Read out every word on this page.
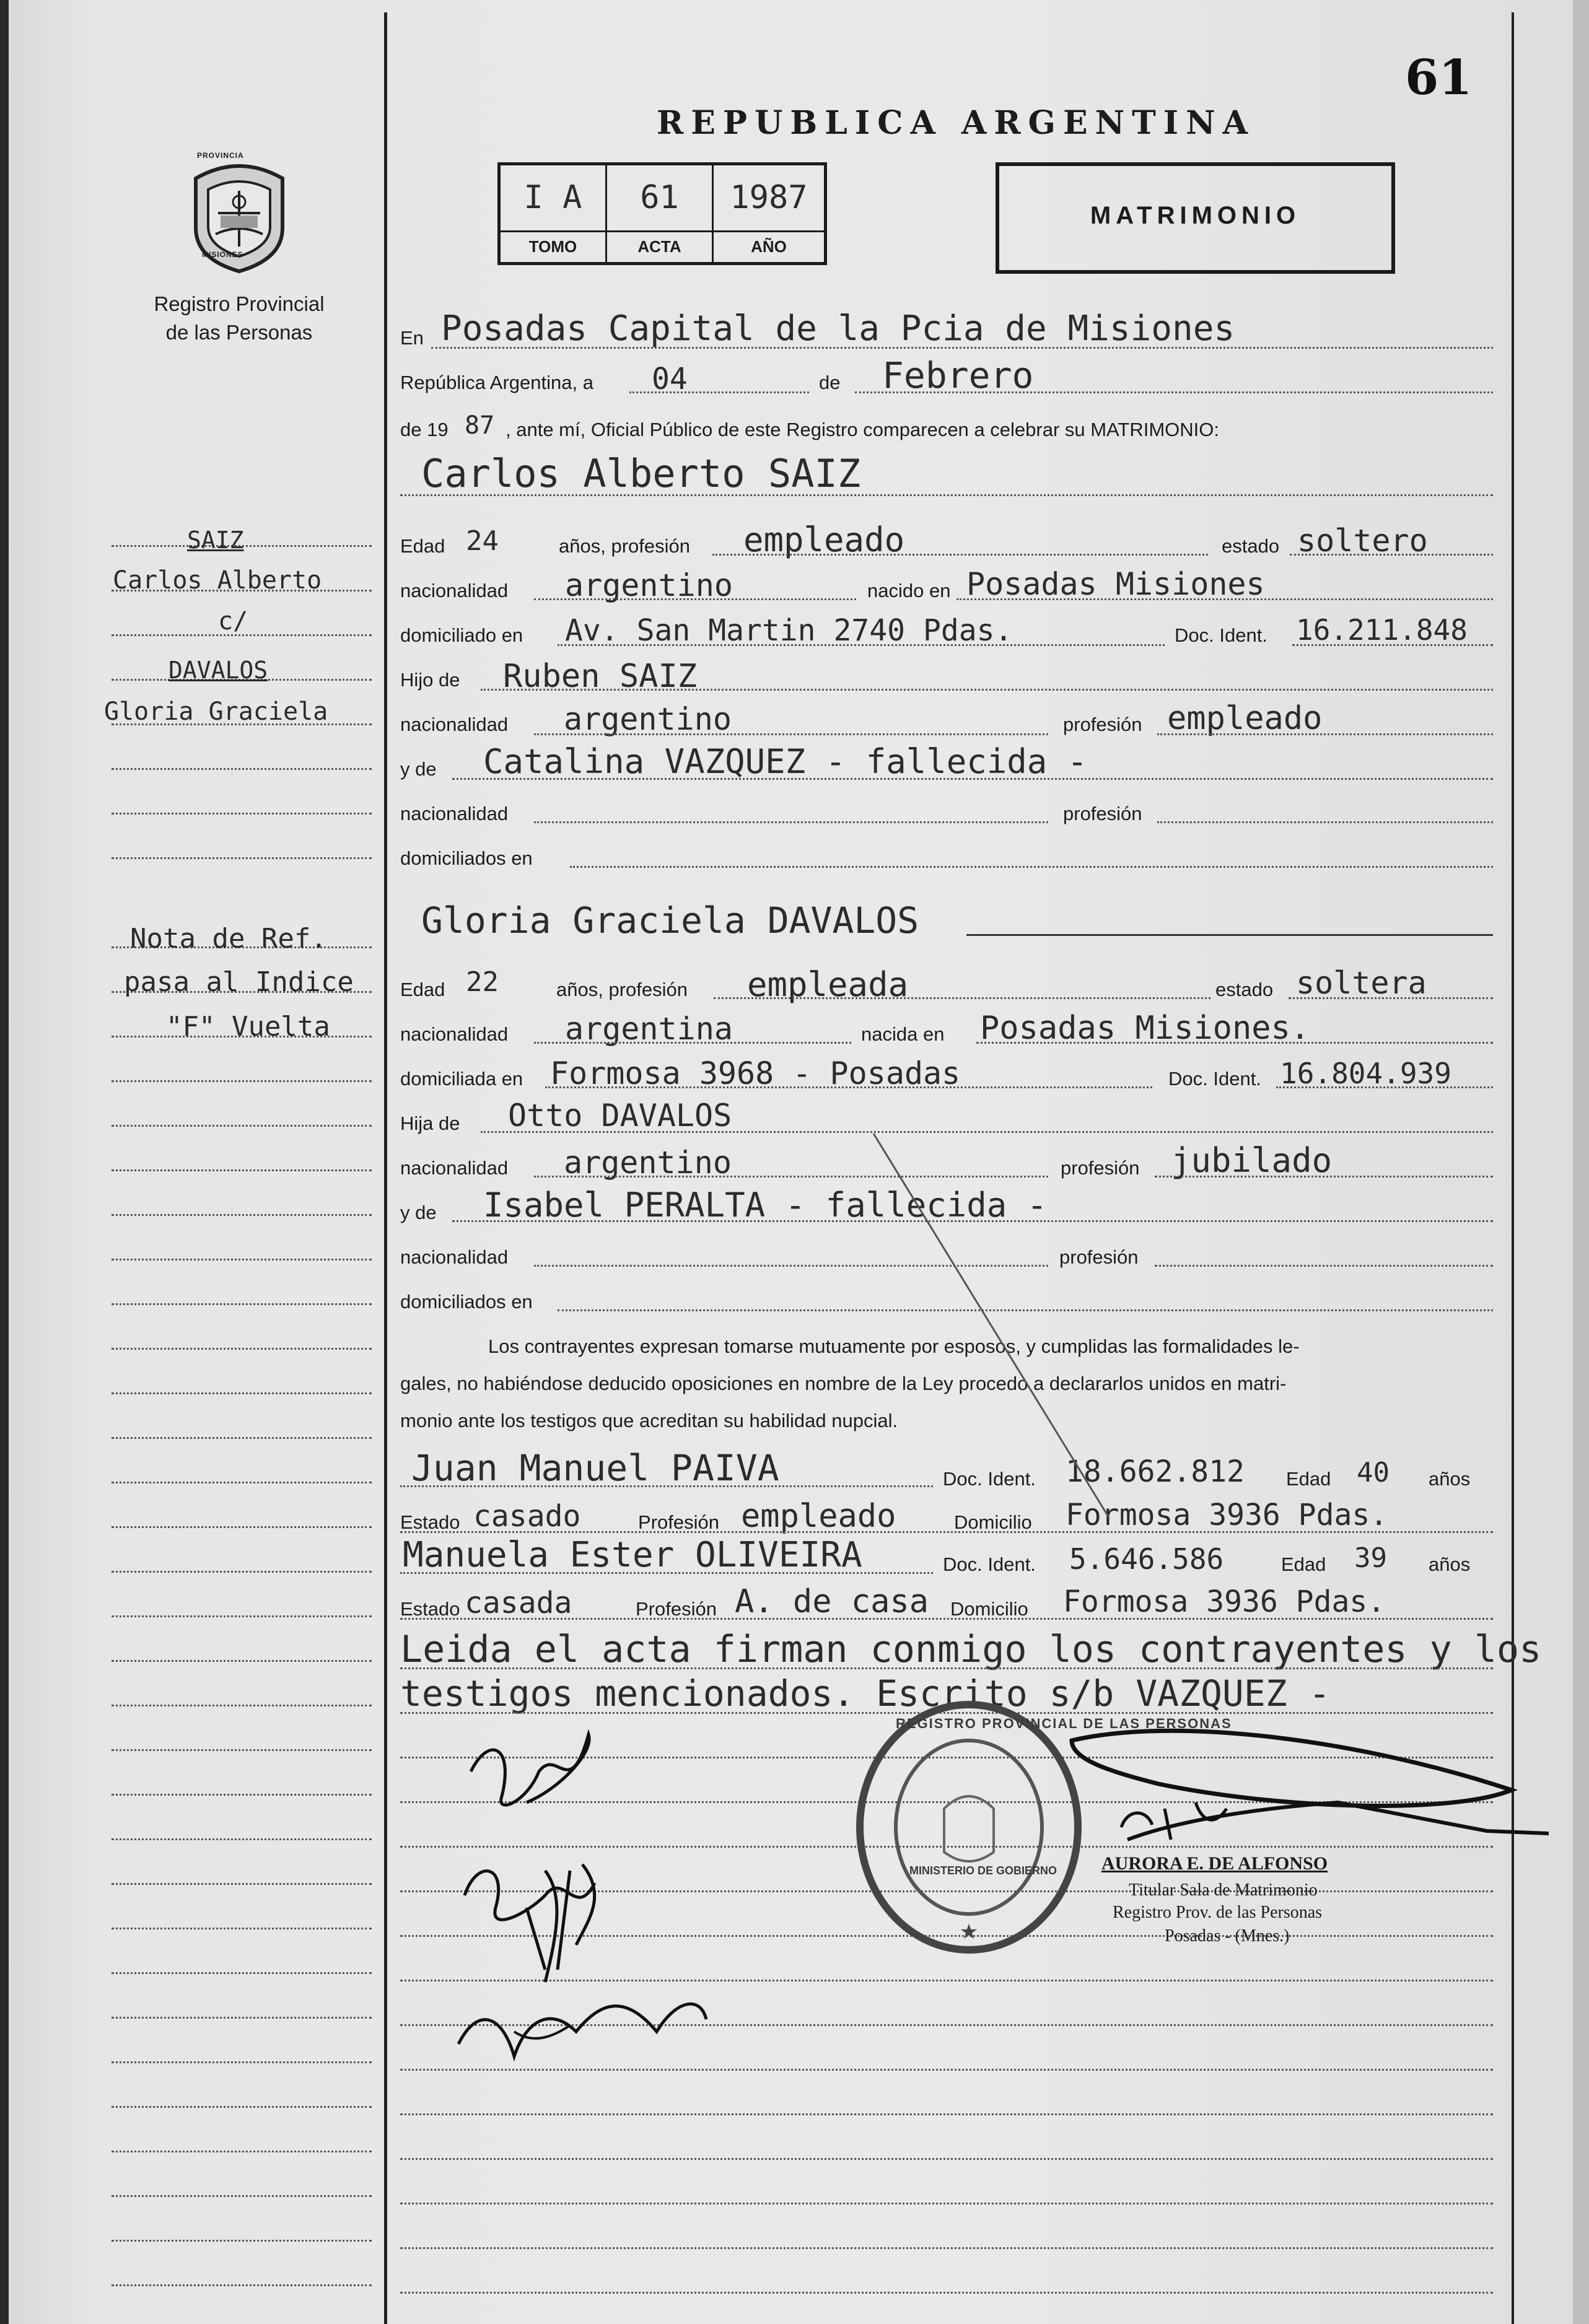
61
REPUBLICA ARGENTINA
PROVINCIA
MISIONES
Registro Provincial
de las Personas
I A
TOMO
61
ACTA
1987
AÑO
MATRIMONIO
SAIZ
Carlos Alberto
c/
DAVALOS
Gloria Graciela
Nota de Ref.
pasa al Indice
"F" Vuelta
En Posadas Capital de la Pcia de Misiones
República Argentina, a 04	de Febrero
de 19 87 , ante mí, Oficial Público de este Registro comparecen a celebrar su MATRIMONIO:
Carlos Alberto SAIZ
Edad 24	años, profesión empleado	estado soltero
nacionalidad argentino	nacido en Posadas Misiones
domiciliado en Av. San Martin 2740 Pdas.	Doc. Ident. 16.211.848
Hijo de Ruben SAIZ
nacionalidad argentino	profesión empleado
y de Catalina VAZQUEZ - fallecida -
nacionalidad	profesión
domiciliados en
Gloria Graciela DAVALOS
Edad 22	años, profesión empleada	estado soltera
nacionalidad argentina	nacida en Posadas Misiones.
domiciliada en Formosa 3968 - Posadas	Doc. Ident. 16.804.939
Hija de Otto DAVALOS
nacionalidad argentino	profesión jubilado
y de Isabel PERALTA - fallecida -
nacionalidad	profesión
domiciliados en
Los contrayentes expresan tomarse mutuamente por esposos, y cumplidas las formalidades le-
gales, no habiéndose deducido oposiciones en nombre de la Ley procedo a declararlos unidos en matri-
monio ante los testigos que acreditan su habilidad nupcial.
Juan Manuel PAIVA	Doc. Ident. 18.662.812 Edad 40 años
Estado casado	Profesión empleado	Domicilio Formosa 3936 Pdas.
Manuela Ester OLIVEIRA	Doc. Ident. 5.646.586	Edad 39 años
Estado casada	Profesión A. de casa Domicilio Formosa 3936 Pdas.
Leida el acta firman conmigo los contrayentes y los
testigos mencionados. Escrito s/b VAZQUEZ -
★
REGISTRO PROVINCIAL DE LAS PERSONAS
MINISTERIO DE GOBIERNO AURORA E. DE ALFONSO
Titular Sala de Matrimonio
Registro Prov. de las Personas
Posadas - (Mnes.)
